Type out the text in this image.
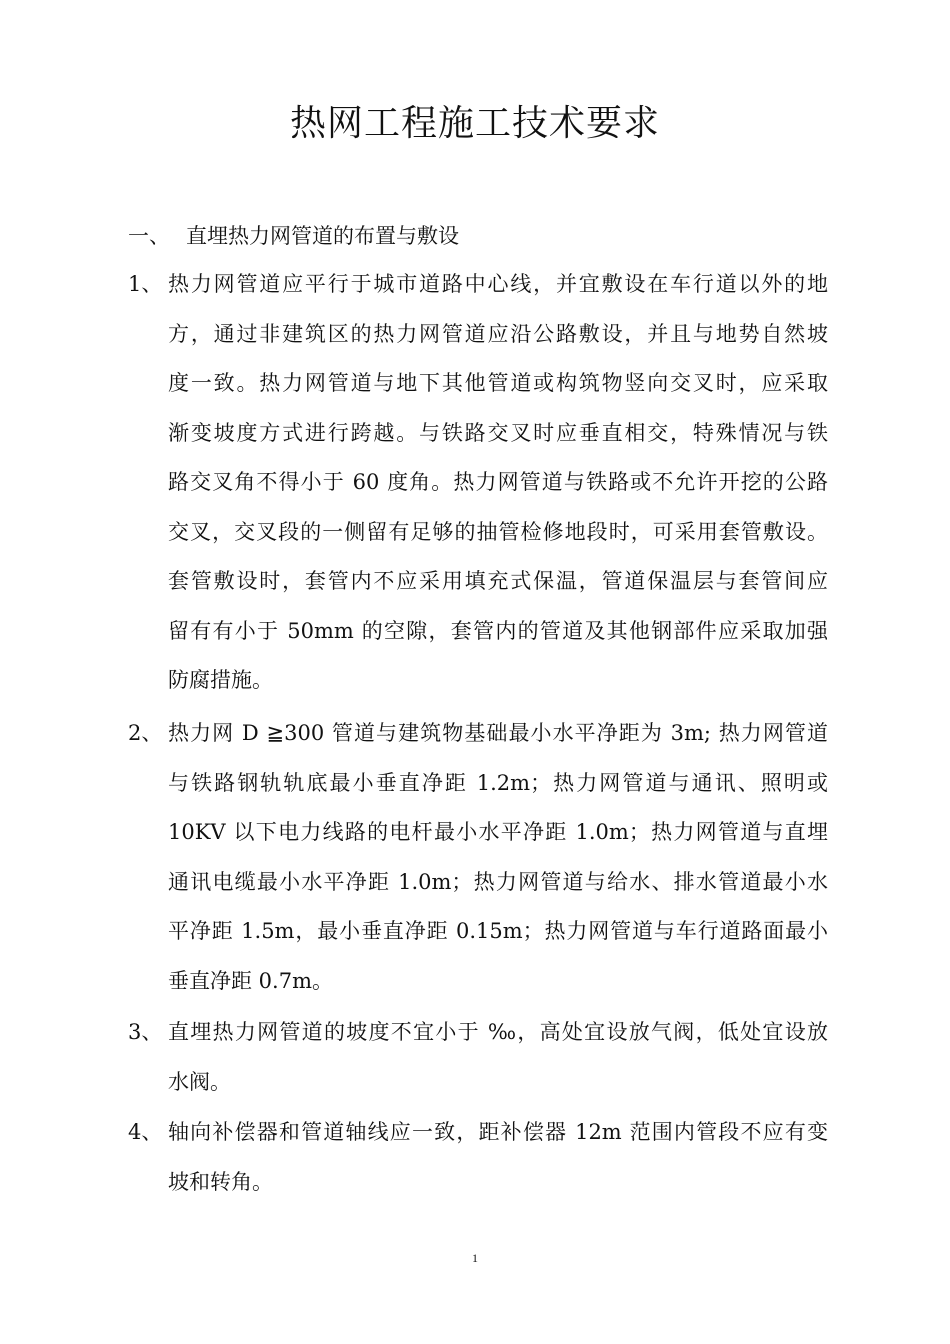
热网工程施工技术要求
一、 直埋热力网管道的布置与敷设
1、 热力网管道应平行于城市道路中心线，并宜敷设在车行道以外的地
方，通过非建筑区的热力网管道应沿公路敷设，并且与地势自然坡
度一致。热力网管道与地下其他管道或构筑物竖向交叉时，应采取
渐变坡度方式进行跨越。与铁路交叉时应垂直相交，特殊情况与铁
路交叉角不得小于 60 度角。热力网管道与铁路或不允许开挖的公路
交叉，交叉段的一侧留有足够的抽管检修地段时，可采用套管敷设。
套管敷设时，套管内不应采用填充式保温，管道保温层与套管间应
留有有小于 50mm 的空隙，套管内的管道及其他钢部件应采取加强
防腐措施。
2、 热力网 D ≧300 管道与建筑物基础最小水平净距为 3m; 热力网管道
与铁路钢轨轨底最小垂直净距 1.2m；热力网管道与通讯、照明或
10KV 以下电力线路的电杆最小水平净距 1.0m；热力网管道与直埋
通讯电缆最小水平净距 1.0m；热力网管道与给水、排水管道最小水
平净距 1.5m，最小垂直净距 0.15m；热力网管道与车行道路面最小
垂直净距 0.7m。
3、 直埋热力网管道的坡度不宜小于 ‰，高处宜设放气阀，低处宜设放
水阀。
4、 轴向补偿器和管道轴线应一致，距补偿器 12m 范围内管段不应有变
坡和转角。
1
